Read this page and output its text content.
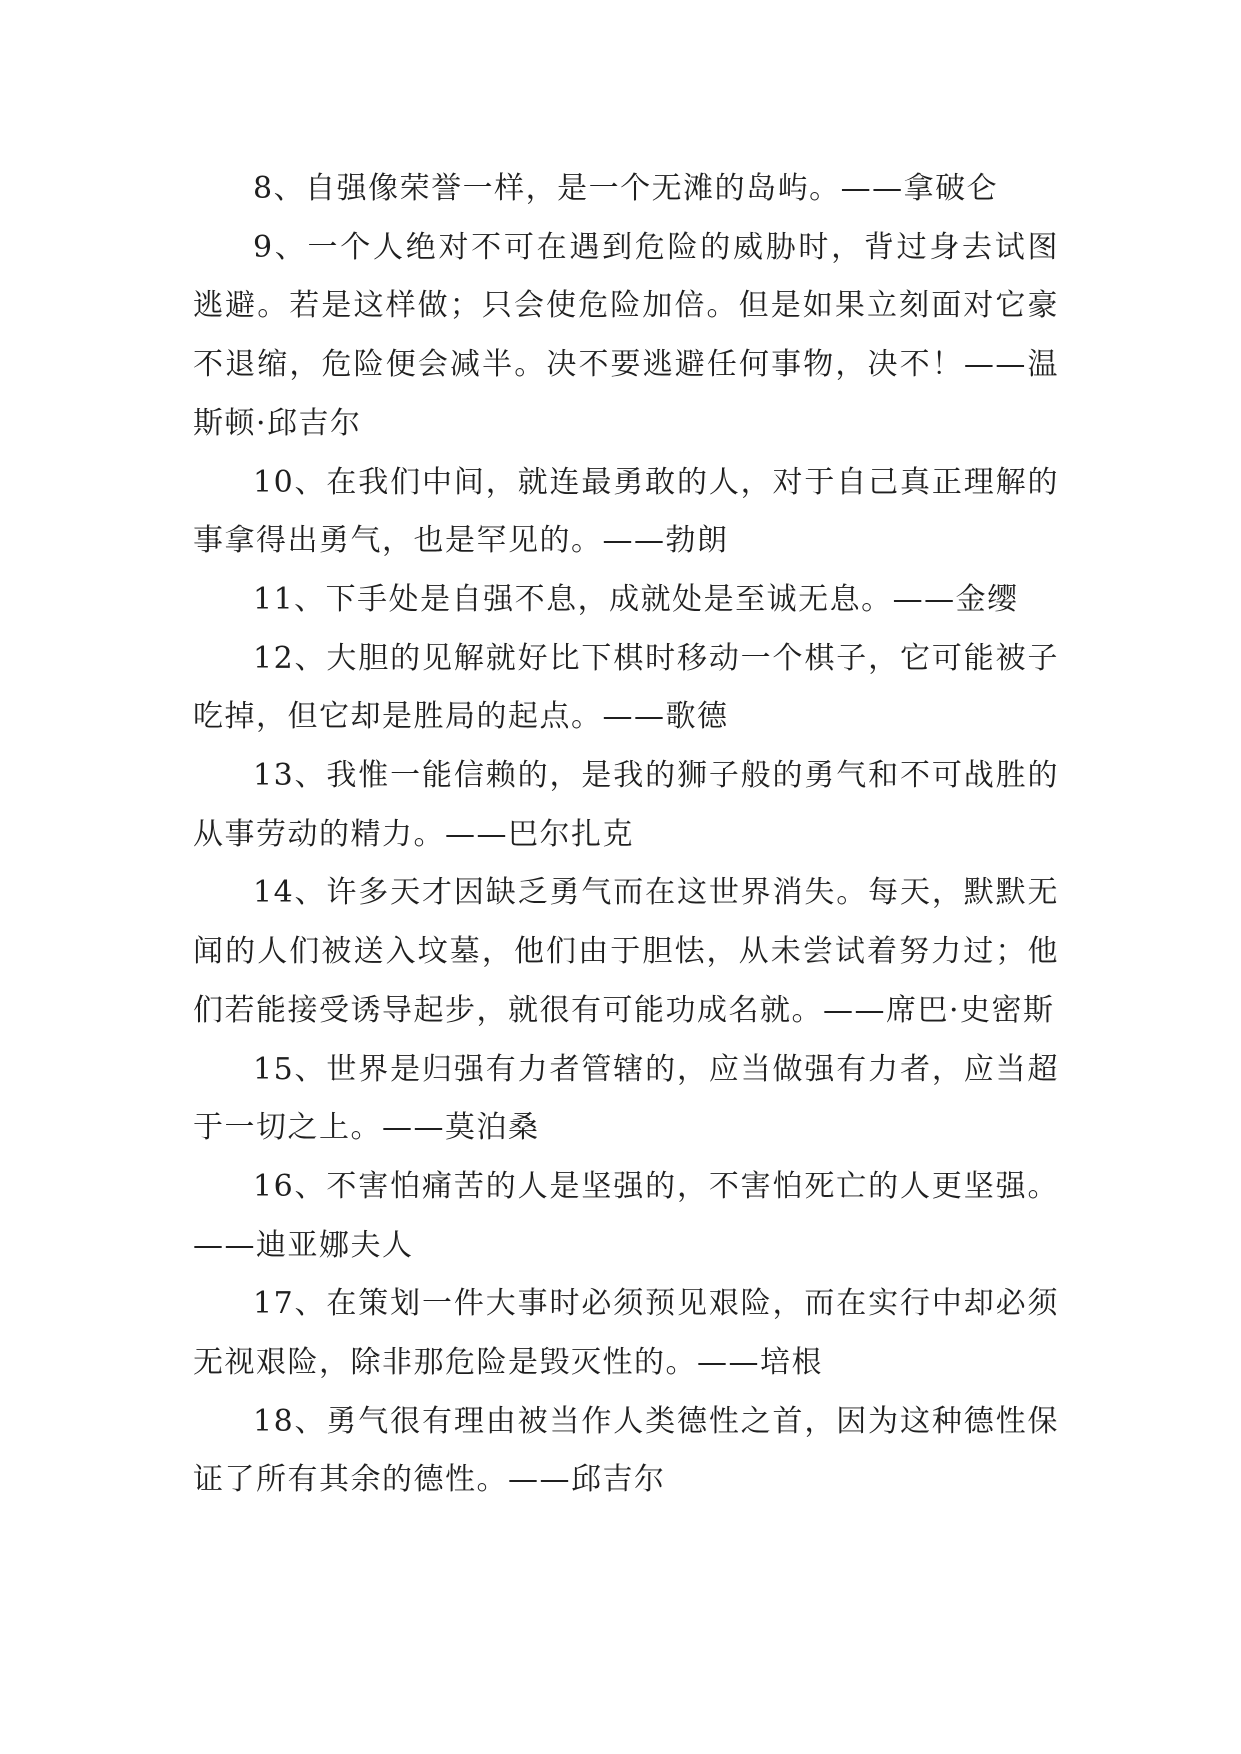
8、自强像荣誉一样，是一个无滩的岛屿。——拿破仑

9、一个人绝对不可在遇到危险的威胁时，背过身去试图逃避。若是这样做；只会使危险加倍。但是如果立刻面对它豪不退缩，危险便会减半。决不要逃避任何事物，决不！——温斯顿·邱吉尔

10、在我们中间，就连最勇敢的人，对于自己真正理解的事拿得出勇气，也是罕见的。——勃朗

11、下手处是自强不息，成就处是至诚无息。——金缨

12、大胆的见解就好比下棋时移动一个棋子，它可能被子吃掉，但它却是胜局的起点。——歌德

13、我惟一能信赖的，是我的狮子般的勇气和不可战胜的从事劳动的精力。——巴尔扎克

14、许多天才因缺乏勇气而在这世界消失。每天，默默无闻的人们被送入坟墓，他们由于胆怯，从未尝试着努力过；他们若能接受诱导起步，就很有可能功成名就。——席巴·史密斯

15、世界是归强有力者管辖的，应当做强有力者，应当超于一切之上。——莫泊桑

16、不害怕痛苦的人是坚强的，不害怕死亡的人更坚强。——迪亚娜夫人

17、在策划一件大事时必须预见艰险，而在实行中却必须无视艰险，除非那危险是毁灭性的。——培根

18、勇气很有理由被当作人类德性之首，因为这种德性保证了所有其余的德性。——邱吉尔
